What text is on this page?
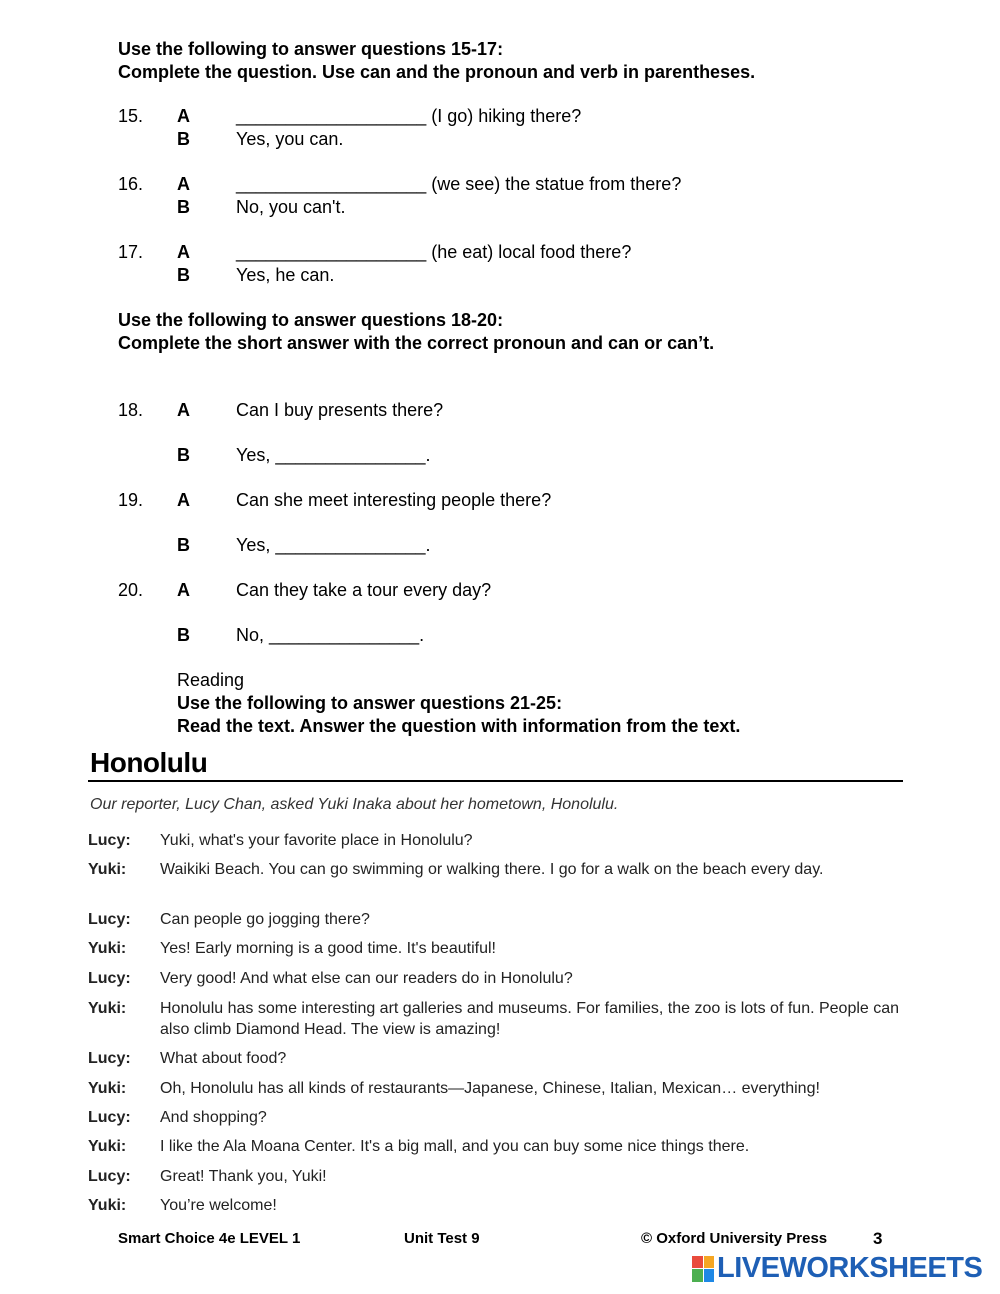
Use the following to answer questions 15-17:
Complete the question. Use can and the pronoun and verb in parentheses.
15. A	___________________ (I go) hiking there?
B	Yes, you can.
16. A	___________________ (we see) the statue from there?
B	No, you can't.
17. A	___________________ (he eat) local food there?
B	Yes, he can.
Use the following to answer questions 18-20:
Complete the short answer with the correct pronoun and can or can’t.
18. A	Can I buy presents there?
B	Yes, _______________.
19. A	Can she meet interesting people there?
B	Yes, _______________.
20. A	Can they take a tour every day?
B	No, _______________.
Reading
Use the following to answer questions 21-25:
Read the text. Answer the question with information from the text.
Honolulu
Our reporter, Lucy Chan, asked Yuki Inaka about her hometown, Honolulu.
Lucy: Yuki, what's your favorite place in Honolulu?
Yuki: Waikiki Beach. You can go swimming or walking there. I go for a walk on the beach every day.
Lucy: Can people go jogging there?
Yuki: Yes! Early morning is a good time. It's beautiful!
Lucy: Very good! And what else can our readers do in Honolulu?
Yuki: Honolulu has some interesting art galleries and museums. For families, the zoo is lots of fun. People can also climb Diamond Head. The view is amazing!
Lucy: What about food?
Yuki: Oh, Honolulu has all kinds of restaurants—Japanese, Chinese, Italian, Mexican… everything!
Lucy: And shopping?
Yuki: I like the Ala Moana Center. It's a big mall, and you can buy some nice things there.
Lucy: Great! Thank you, Yuki!
Yuki: You’re welcome!
Smart Choice 4e LEVEL 1	Unit Test 9	© Oxford University Press	3
LIVEWORKSHEETS
